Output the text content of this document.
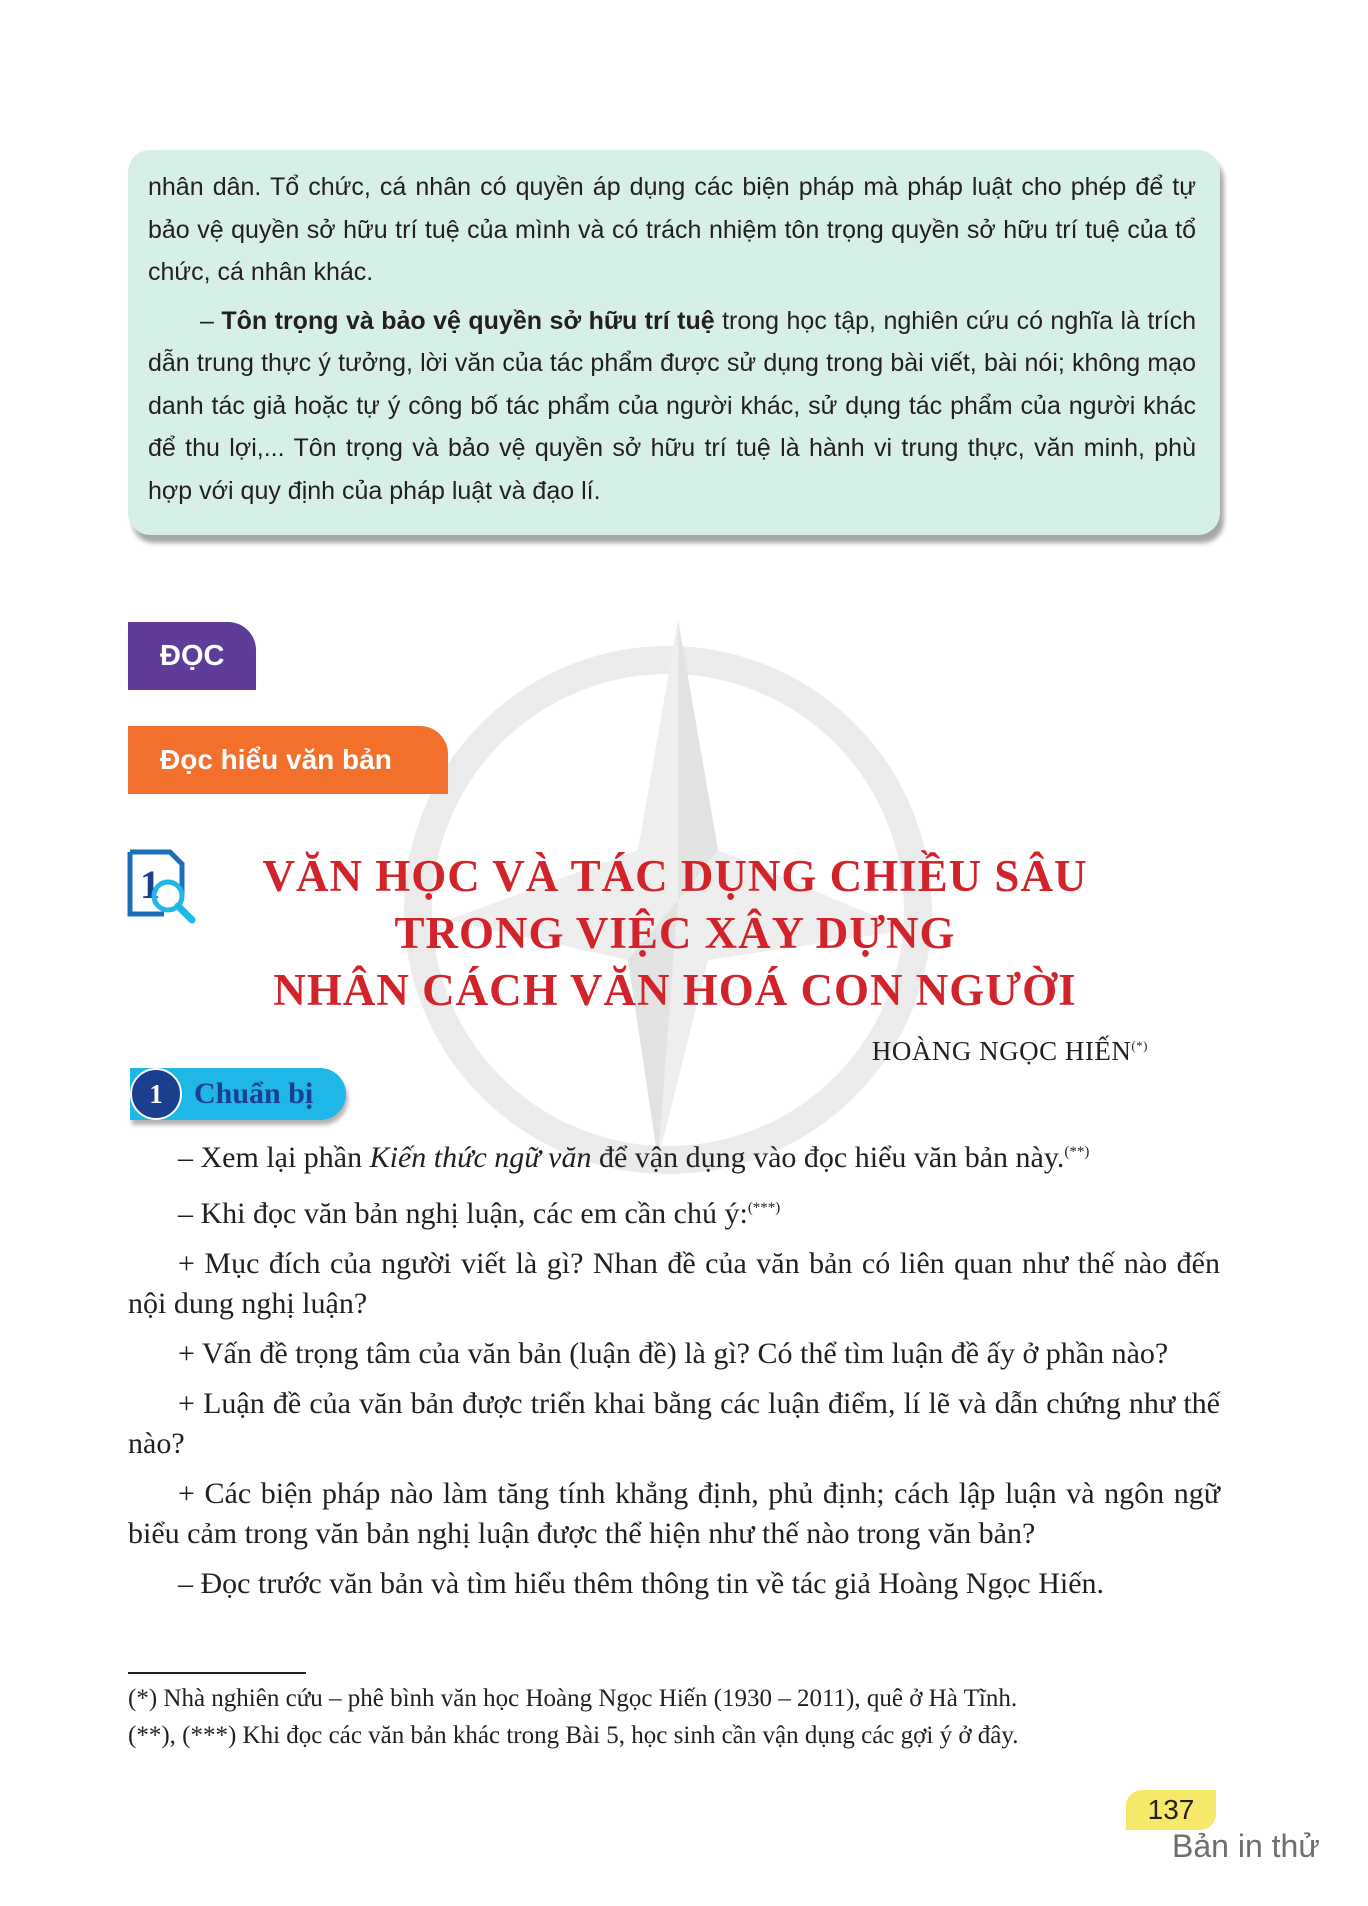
nhân dân. Tổ chức, cá nhân có quyền áp dụng các biện pháp mà pháp luật cho phép để tự bảo vệ quyền sở hữu trí tuệ của mình và có trách nhiệm tôn trọng quyền sở hữu trí tuệ của tổ chức, cá nhân khác.

– Tôn trọng và bảo vệ quyền sở hữu trí tuệ trong học tập, nghiên cứu có nghĩa là trích dẫn trung thực ý tưởng, lời văn của tác phẩm được sử dụng trong bài viết, bài nói; không mạo danh tác giả hoặc tự ý công bố tác phẩm của người khác, sử dụng tác phẩm của người khác để thu lợi,... Tôn trọng và bảo vệ quyền sở hữu trí tuệ là hành vi trung thực, văn minh, phù hợp với quy định của pháp luật và đạo lí.

ĐỌC
Đọc hiểu văn bản
1	VĂN HỌC VÀ TÁC DỤNG CHIỀU SÂU
TRONG VIỆC XÂY DỰNG
NHÂN CÁCH VĂN HOÁ CON NGƯỜI
HOÀNG NGỌC HIẾN(*)
1	Chuẩn bị

– Xem lại phần Kiến thức ngữ văn để vận dụng vào đọc hiểu văn bản này.(**)

– Khi đọc văn bản nghị luận, các em cần chú ý:(***)

+ Mục đích của người viết là gì? Nhan đề của văn bản có liên quan như thế nào đến nội dung nghị luận?

+ Vấn đề trọng tâm của văn bản (luận đề) là gì? Có thể tìm luận đề ấy ở phần nào?

+ Luận đề của văn bản được triển khai bằng các luận điểm, lí lẽ và dẫn chứng như thế nào?

+ Các biện pháp nào làm tăng tính khẳng định, phủ định; cách lập luận và ngôn ngữ biểu cảm trong văn bản nghị luận được thể hiện như thế nào trong văn bản?

– Đọc trước văn bản và tìm hiểu thêm thông tin về tác giả Hoàng Ngọc Hiến.

(*) Nhà nghiên cứu – phê bình văn học Hoàng Ngọc Hiến (1930 – 2011), quê ở Hà Tĩnh.
(**), (***) Khi đọc các văn bản khác trong Bài 5, học sinh cần vận dụng các gợi ý ở đây.
137
Bản in thử
